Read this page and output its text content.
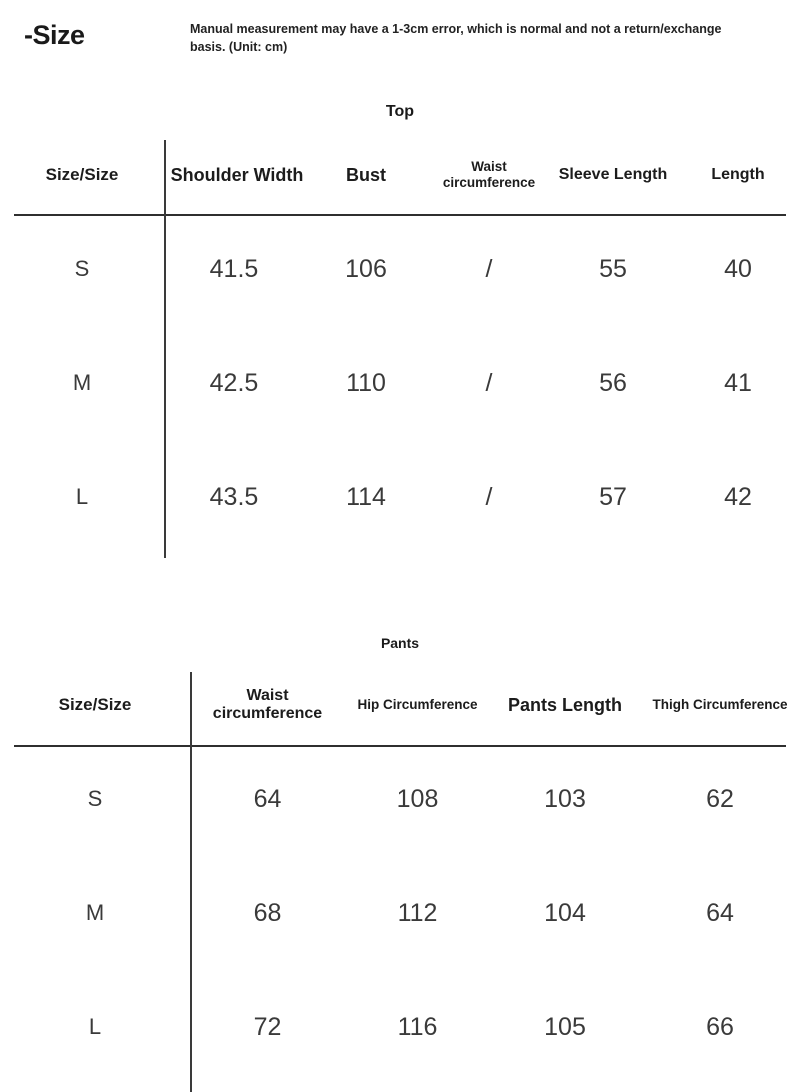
-Size	Manual measurement may have a 1-3cm error, which is normal and not a return/exchange basis. (Unit: cm)
Top
Size/Size	Shoulder Width	Bust	Waist circumference	Sleeve Length	Length
S	41.5	106	/	55	40
M	42.5	110	/	56	41
L	43.5	114	/	57	42
Pants
Size/Size	Waist circumference	Hip Circumference	Pants Length	Thigh Circumference
S	64	108	103	62
M	68	112	104	64
L	72	116	105	66
